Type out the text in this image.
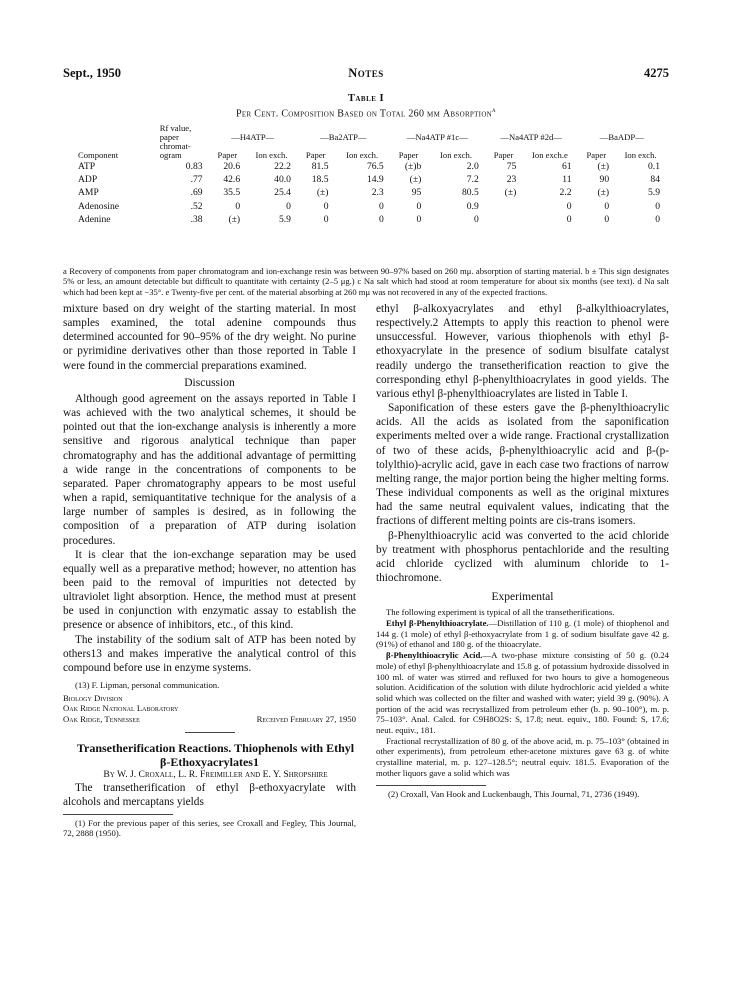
Sept., 1950	Notes	4275
Table I
Per Cent. Composition Based on Total 260 mμ Absorption$^a$
Component	Rf value,
paper
chromat-
ogram	—H4ATP—		—Ba2ATP—		—Na4ATP #1c—		—Na4ATP #2d—		—BaADP—	
		Paper	Ion exch.	Paper	Ion exch.	Paper	Ion exch.	Paper	Ion exch.e	Paper	Ion exch.
ATP	0.83	20.6	22.2	81.5	76.5	(±)b	2.0	75	61	(±)	0.1
ADP	.77	42.6	40.0	18.5	14.9	(±)	7.2	23	11	90	84
AMP	.69	35.5	25.4	(±)	2.3	95	80.5	(±)	2.2	(±)	5.9
Adenosine	.52	0	0	0	0	0	0.9		0	0	0
Adenine	.38	(±)	5.9	0	0	0	0		0	0	0
a Recovery of components from paper chromatogram and ion-exchange resin was between 90–97% based on 260 mμ. absorption of starting material. b ± This sign designates 5% or less, an amount detectable but difficult to quantitate with certainty (2–5 μg.) c Na salt which had stood at room temperature for about six months (see text). d Na salt which had been kept at −35°. e Twenty-five per cent. of the material absorbing at 260 mμ was not recovered in any of the expected fractions.

mixture based on dry weight of the starting material. In most samples examined, the total adenine compounds thus determined accounted for 90–95% of the dry weight. No purine or pyrimidine derivatives other than those reported in Table I were found in the commercial preparations examined.

Discussion

Although good agreement on the assays reported in Table I was achieved with the two analytical schemes, it should be pointed out that the ion-exchange analysis is inherently a more sensitive and rigorous analytical technique than paper chromatography and has the additional advantage of permitting a wide range in the concentrations of components to be separated. Paper chromatography appears to be most useful when a rapid, semiquantitative technique for the analysis of a large number of samples is desired, as in following the composition of a preparation of ATP during isolation procedures.

It is clear that the ion-exchange separation may be used equally well as a preparative method; however, no attention has been paid to the removal of impurities not detected by ultraviolet light absorption. Hence, the method must at present be used in conjunction with enzymatic assay to establish the presence or absence of inhibitors, etc., of this kind.

The instability of the sodium salt of ATP has been noted by others13 and makes imperative the analytical control of this compound before use in enzyme systems.

(13) F. Lipman, personal communication.

Biology Division

Oak Ridge National Laboratory

Oak Ridge, Tennessee	Received February 27, 1950

Transetherification Reactions. Thiophenols with Ethyl β-Ethoxyacrylates1

By W. J. Croxall, L. R. Freimiller and E. Y. Shropshire

The transetherification of ethyl β-ethoxyacrylate with alcohols and mercaptans yields

(1) For the previous paper of this series, see Croxall and Fegley, This Journal, 72, 2888 (1950).

ethyl β-alkoxyacrylates and ethyl β-alkylthioacrylates, respectively.2 Attempts to apply this reaction to phenol were unsuccessful. However, various thiophenols with ethyl β-ethoxyacrylate in the presence of sodium bisulfate catalyst readily undergo the transetherification reaction to give the corresponding ethyl β-phenylthioacrylates in good yields. The various ethyl β-phenylthioacrylates are listed in Table I.

Saponification of these esters gave the β-phenylthioacrylic acids. All the acids as isolated from the saponification experiments melted over a wide range. Fractional crystallization of two of these acids, β-phenylthioacrylic acid and β-(p-tolylthio)-acrylic acid, gave in each case two fractions of narrow melting range, the major portion being the higher melting forms. These individual components as well as the original mixtures had the same neutral equivalent values, indicating that the fractions of different melting points are cis-trans isomers.

β-Phenylthioacrylic acid was converted to the acid chloride by treatment with phosphorus pentachloride and the resulting acid chloride cyclized with aluminum chloride to 1-thiochromone.

Experimental

The following experiment is typical of all the transetherifications.

Ethyl β-Phenylthioacrylate.—Distillation of 110 g. (1 mole) of thiophenol and 144 g. (1 mole) of ethyl β-ethoxyacrylate from 1 g. of sodium bisulfate gave 42 g. (91%) of ethanol and 180 g. of the thioacrylate.

β-Phenylthioacrylic Acid.—A two-phase mixture consisting of 50 g. (0.24 mole) of ethyl β-phenylthioacrylate and 15.8 g. of potassium hydroxide dissolved in 100 ml. of water was stirred and refluxed for two hours to give a homogeneous solution. Acidification of the solution with dilute hydrochloric acid yielded a white solid which was collected on the filter and washed with water; yield 39 g. (90%). A portion of the acid was recrystallized from petroleum ether (b. p. 90–100°), m. p. 75–103°. Anal. Calcd. for C9H8O2S: S, 17.8; neut. equiv., 180. Found: S, 17.6; neut. equiv., 181.

Fractional recrystallization of 80 g. of the above acid, m. p. 75–103° (obtained in other experiments), from petroleum ether-acetone mixtures gave 63 g. of white crystalline material, m. p. 127–128.5°; neutral equiv. 181.5. Evaporation of the mother liquors gave a solid which was

(2) Croxall, Van Hook and Luckenbaugh, This Journal, 71, 2736 (1949).
